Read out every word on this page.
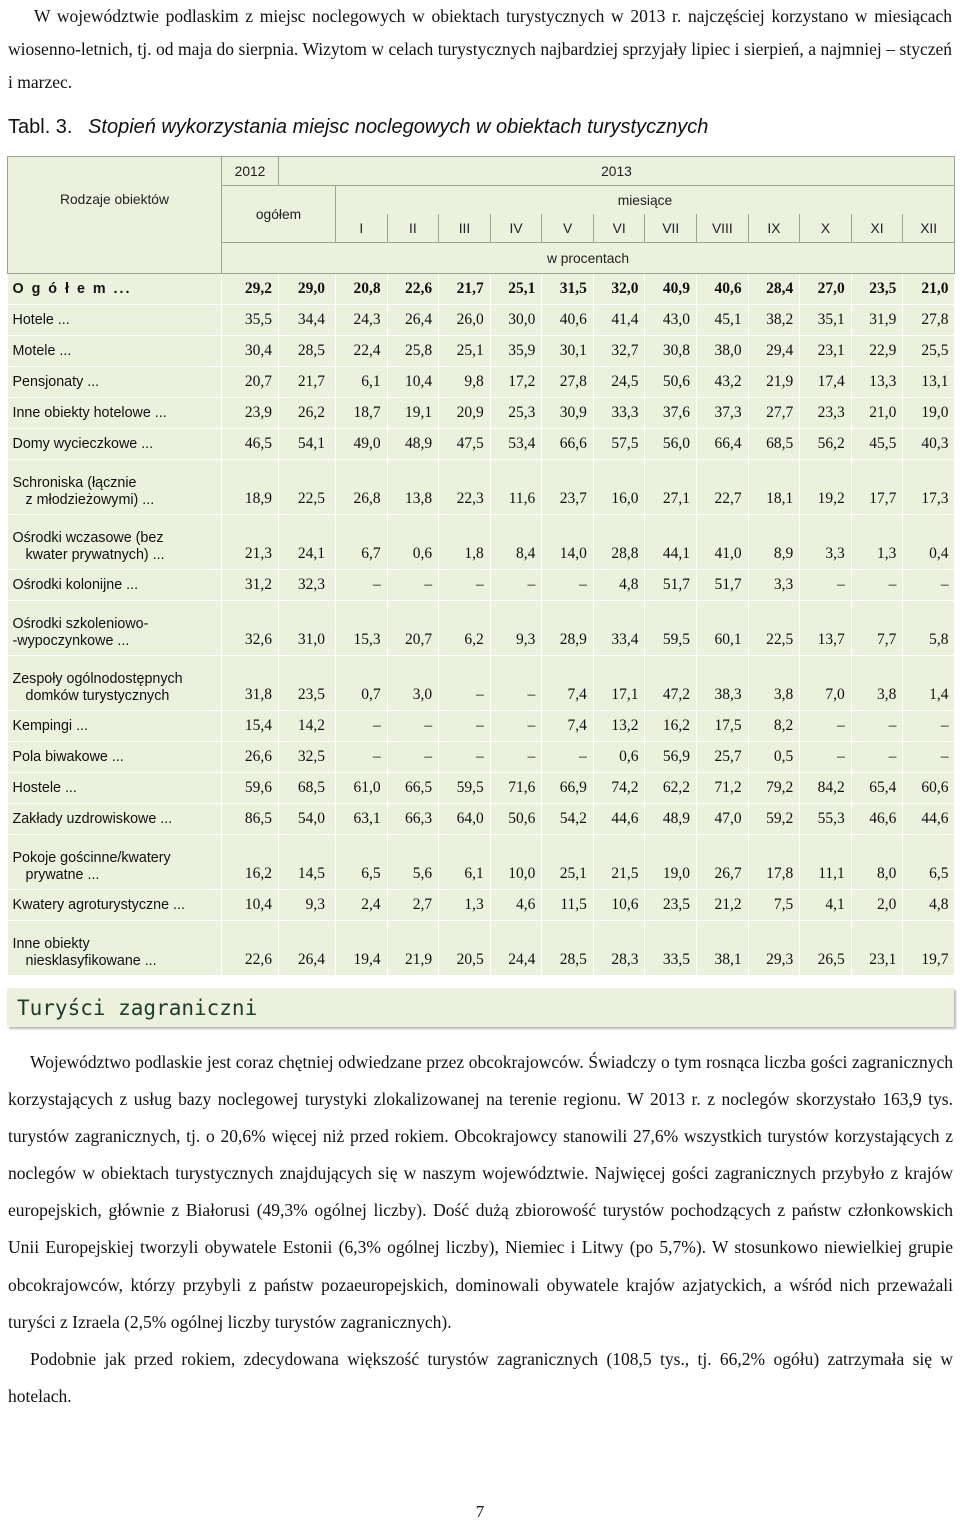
W województwie podlaskim z miejsc noclegowych w obiektach turystycznych w 2013 r. najczęściej korzystano w miesiącach wiosenno-letnich, tj. od maja do sierpnia. Wizytom w celach turystycznych najbardziej sprzyjały lipiec i sierpień, a najmniej – styczeń i marzec.

Tabl. 3. Stopień wykorzystania miejsc noclegowych w obiektach turystycznych
Rodzaje obiektów	2012	2013												
	ogółem		miesiące											
			I	II	III	IV	V	VI	VII	VIII	IX	X	XI	XII
	w procentach													

O g ó ł e m ...	29,2	29,0	20,8	22,6	21,7	25,1	31,5	32,0	40,9	40,6	28,4	27,0	23,5	21,0

Hotele ...	35,5	34,4	24,3	26,4	26,0	30,0	40,6	41,4	43,0	45,1	38,2	35,1	31,9	27,8

Motele ...	30,4	28,5	22,4	25,8	25,1	35,9	30,1	32,7	30,8	38,0	29,4	23,1	22,9	25,5

Pensjonaty ...	20,7	21,7	6,1	10,4	9,8	17,2	27,8	24,5	50,6	43,2	21,9	17,4	13,3	13,1

Inne obiekty hotelowe ...	23,9	26,2	18,7	19,1	20,9	25,3	30,9	33,3	37,6	37,3	27,7	23,3	21,0	19,0

Domy wycieczkowe ...	46,5	54,1	49,0	48,9	47,5	53,4	66,6	57,5	56,0	66,4	68,5	56,2	45,5	40,3

Schroniska (łącznie
z młodzieżowymi) ...	18,9	22,5	26,8	13,8	22,3	11,6	23,7	16,0	27,1	22,7	18,1	19,2	17,7	17,3

Ośrodki wczasowe (bez
kwater prywatnych) ...	21,3	24,1	6,7	0,6	1,8	8,4	14,0	28,8	44,1	41,0	8,9	3,3	1,3	0,4

Ośrodki kolonijne ...	31,2	32,3	–	–	–	–	–	4,8	51,7	51,7	3,3	–	–	–

Ośrodki szkoleniowo-
-wypoczynkowe ...	32,6	31,0	15,3	20,7	6,2	9,3	28,9	33,4	59,5	60,1	22,5	13,7	7,7	5,8

Zespoły ogólnodostępnych
domków turystycznych	31,8	23,5	0,7	3,0	–	–	7,4	17,1	47,2	38,3	3,8	7,0	3,8	1,4

Kempingi ...	15,4	14,2	–	–	–	–	7,4	13,2	16,2	17,5	8,2	–	–	–

Pola biwakowe ...	26,6	32,5	–	–	–	–	–	0,6	56,9	25,7	0,5	–	–	–

Hostele ...	59,6	68,5	61,0	66,5	59,5	71,6	66,9	74,2	62,2	71,2	79,2	84,2	65,4	60,6

Zakłady uzdrowiskowe ...	86,5	54,0	63,1	66,3	64,0	50,6	54,2	44,6	48,9	47,0	59,2	55,3	46,6	44,6

Pokoje gościnne/kwatery
prywatne ...	16,2	14,5	6,5	5,6	6,1	10,0	25,1	21,5	19,0	26,7	17,8	11,1	8,0	6,5

Kwatery agroturystyczne ...	10,4	9,3	2,4	2,7	1,3	4,6	11,5	10,6	23,5	21,2	7,5	4,1	2,0	4,8

Inne obiekty
niesklasyfikowane ...	22,6	26,4	19,4	21,9	20,5	24,4	28,5	28,3	33,5	38,1	29,3	26,5	23,1	19,7
Turyści zagraniczni

Województwo podlaskie jest coraz chętniej odwiedzane przez obcokrajowców. Świadczy o tym rosnąca liczba gości zagranicznych korzystających z usług bazy noclegowej turystyki zlokalizowanej na terenie regionu. W 2013 r. z noclegów skorzystało 163,9 tys. turystów zagranicznych, tj. o 20,6% więcej niż przed rokiem. Obcokrajowcy stanowili 27,6% wszystkich turystów korzystających z noclegów w obiektach turystycznych znajdujących się w naszym województwie. Najwięcej gości zagranicznych przybyło z krajów europejskich, głównie z Białorusi (49,3% ogólnej liczby). Dość dużą zbiorowość turystów pochodzących z państw członkowskich Unii Europejskiej tworzyli obywatele Estonii (6,3% ogólnej liczby), Niemiec i Litwy (po 5,7%). W stosunkowo niewielkiej grupie obcokrajowców, którzy przybyli z państw pozaeuropejskich, dominowali obywatele krajów azjatyckich, a wśród nich przeważali turyści z Izraela (2,5% ogólnej liczby turystów zagranicznych).

Podobnie jak przed rokiem, zdecydowana większość turystów zagranicznych (108,5 tys., tj. 66,2% ogółu) zatrzymała się w hotelach.

7
